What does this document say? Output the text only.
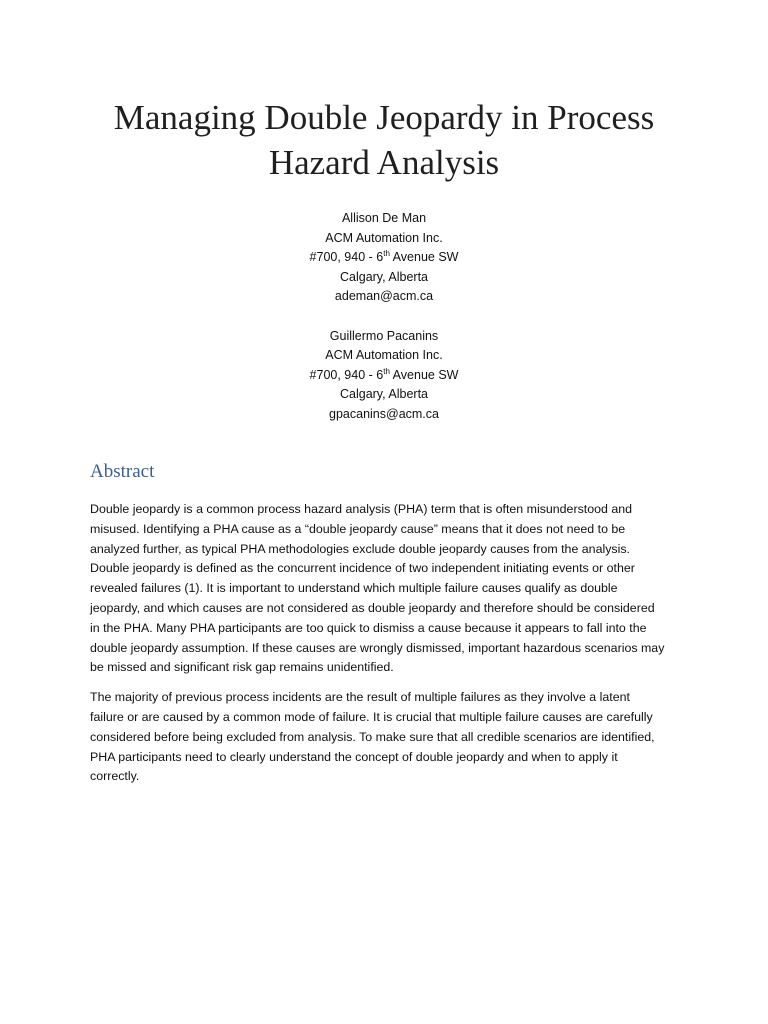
Managing Double Jeopardy in Process
Hazard Analysis
Allison De Man
ACM Automation Inc.
#700, 940 - 6th Avenue SW
Calgary, Alberta
ademan@acm.ca
Guillermo Pacanins
ACM Automation Inc.
#700, 940 - 6th Avenue SW
Calgary, Alberta
gpacanins@acm.ca
Abstract
Double jeopardy is a common process hazard analysis (PHA) term that is often misunderstood and
misused. Identifying a PHA cause as a “double jeopardy cause” means that it does not need to be
analyzed further, as typical PHA methodologies exclude double jeopardy causes from the analysis.
Double jeopardy is defined as the concurrent incidence of two independent initiating events or other
revealed failures (1). It is important to understand which multiple failure causes qualify as double
jeopardy, and which causes are not considered as double jeopardy and therefore should be considered
in the PHA. Many PHA participants are too quick to dismiss a cause because it appears to fall into the
double jeopardy assumption. If these causes are wrongly dismissed, important hazardous scenarios may
be missed and significant risk gap remains unidentified.
The majority of previous process incidents are the result of multiple failures as they involve a latent
failure or are caused by a common mode of failure. It is crucial that multiple failure causes are carefully
considered before being excluded from analysis. To make sure that all credible scenarios are identified,
PHA participants need to clearly understand the concept of double jeopardy and when to apply it
correctly.
